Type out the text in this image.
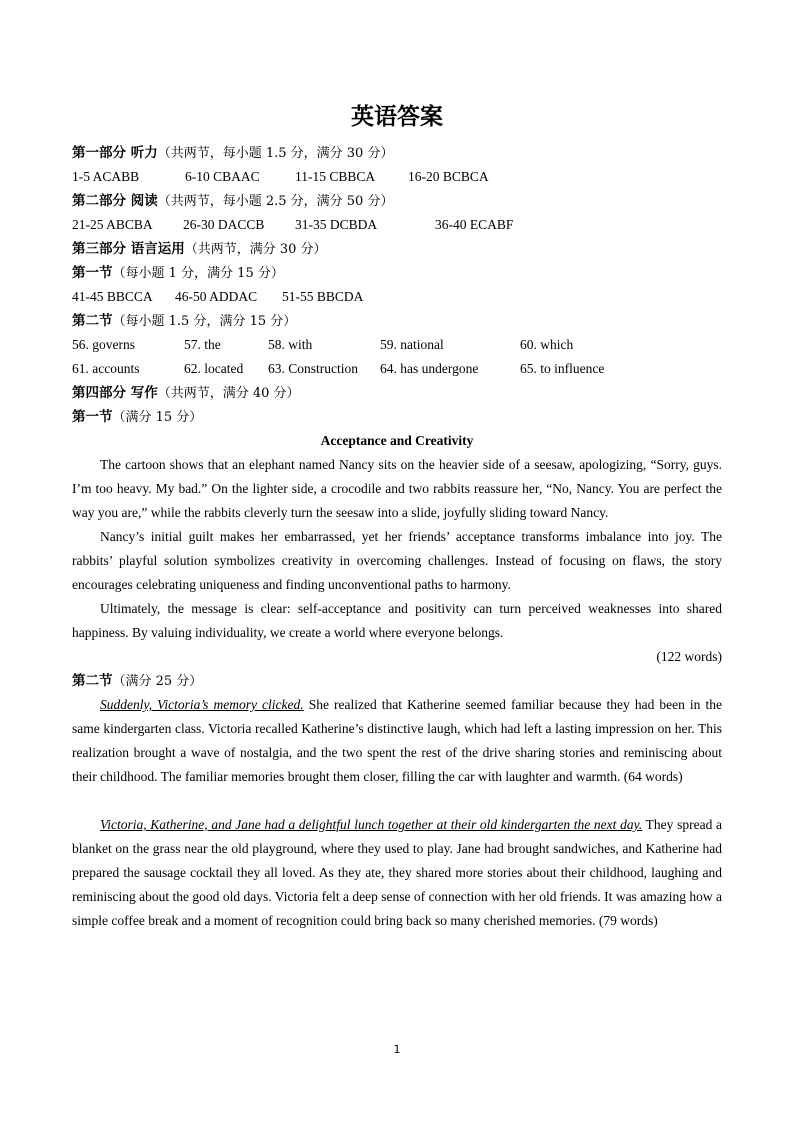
英语答案
第一部分 听力（共两节，每小题 1.5 分，满分 30 分）
1-5 ACABB	6-10 CBAAC	11-15 CBBCA 16-20 BCBCA
第二部分 阅读（共两节，每小题 2.5 分，满分 50 分）
21-25 ABCBA 26-30 DACCB 31-35 DCBDA	36-40 ECABF
第三部分 语言运用（共两节，满分 30 分）
第一节（每小题 1 分，满分 15 分）
41-45 BBCCA 46-50 ADDAC 51-55 BBCDA
第二节（每小题 1.5 分，满分 15 分）
56. governs	57. the	58. with	59. national	60. which
61. accounts	62. located 63. Construction 64. has undergone	65. to influence
第四部分 写作（共两节，满分 40 分）
第一节（满分 15 分）
Acceptance and Creativity

The cartoon shows that an elephant named Nancy sits on the heavier side of a seesaw, apologizing, “Sorry, guys. I’m too heavy. My bad.” On the lighter side, a crocodile and two rabbits reassure her, “No, Nancy. You are perfect the way you are,” while the rabbits cleverly turn the seesaw into a slide, joyfully sliding toward Nancy.

Nancy’s initial guilt makes her embarrassed, yet her friends’ acceptance transforms imbalance into joy. The rabbits’ playful solution symbolizes creativity in overcoming challenges. Instead of focusing on flaws, the story encourages celebrating uniqueness and finding unconventional paths to harmony.

Ultimately, the message is clear: self-acceptance and positivity can turn perceived weaknesses into shared happiness. By valuing individuality, we create a world where everyone belongs.

(122 words)
第二节（满分 25 分）

Suddenly, Victoria’s memory clicked. She realized that Katherine seemed familiar because they had been in the same kindergarten class. Victoria recalled Katherine’s distinctive laugh, which had left a lasting impression on her. This realization brought a wave of nostalgia, and the two spent the rest of the drive sharing stories and reminiscing about their childhood. The familiar memories brought them closer, filling the car with laughter and warmth. (64 words)

Victoria, Katherine, and Jane had a delightful lunch together at their old kindergarten the next day. They spread a blanket on the grass near the old playground, where they used to play. Jane had brought sandwiches, and Katherine had prepared the sausage cocktail they all loved. As they ate, they shared more stories about their childhood, laughing and reminiscing about the good old days. Victoria felt a deep sense of connection with her old friends. It was amazing how a simple coffee break and a moment of recognition could bring back so many cherished memories. (79 words)

1
